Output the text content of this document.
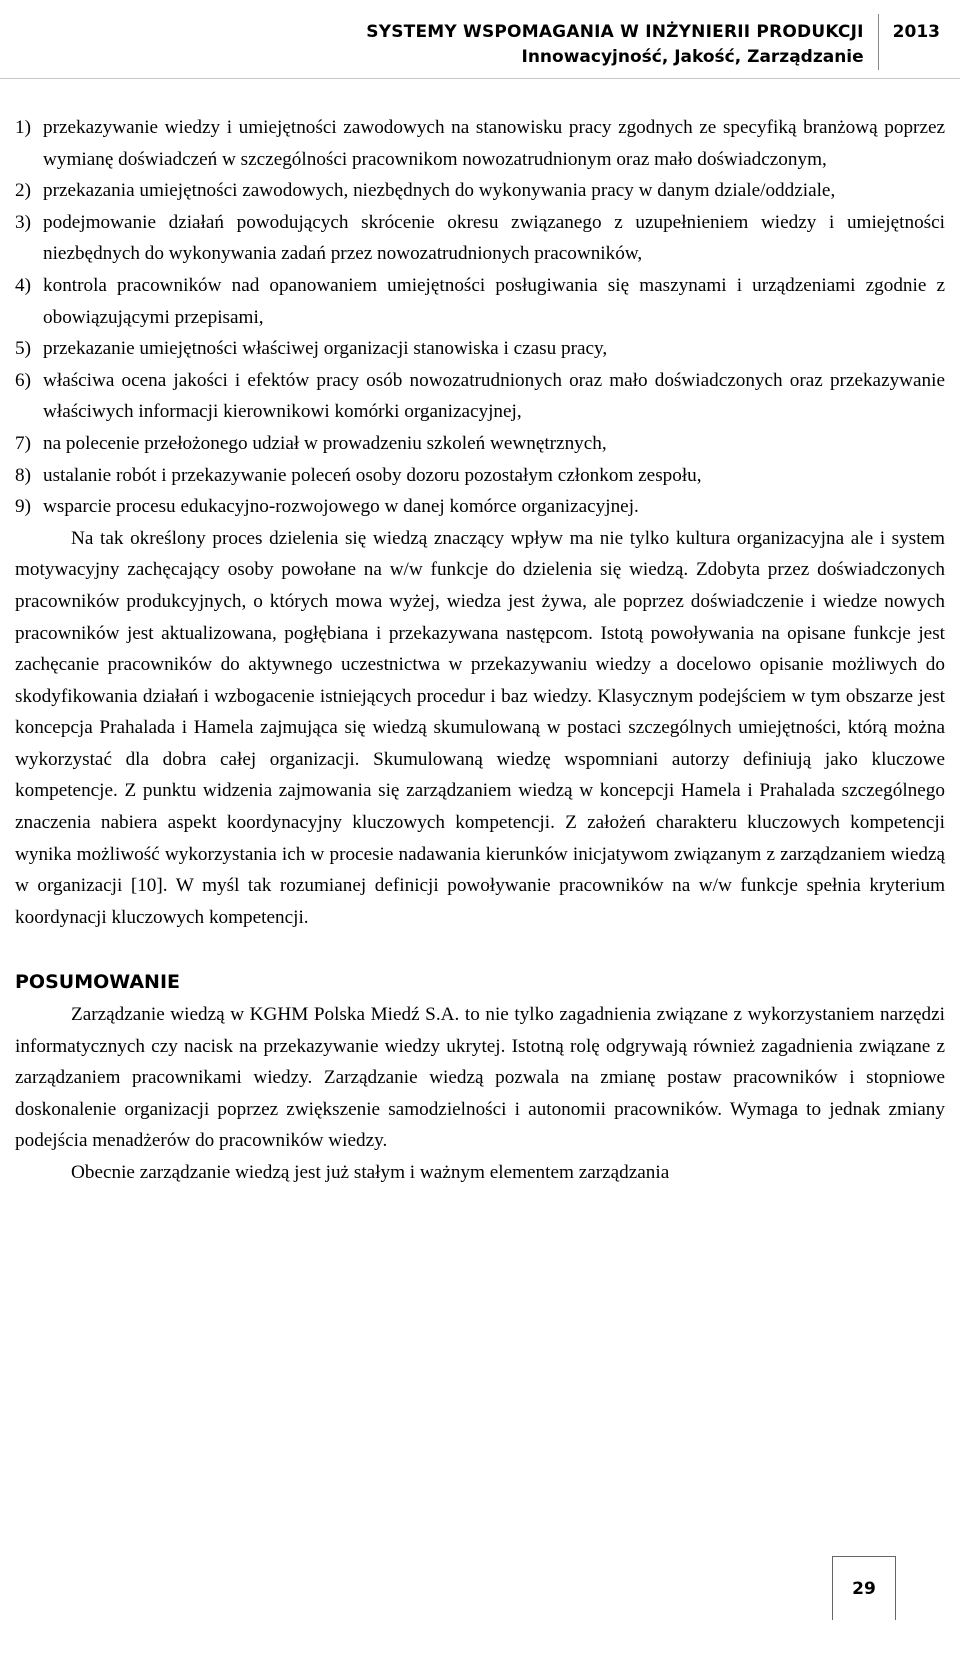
SYSTEMY WSPOMAGANIA W INŻYNIERII PRODUKCJI
Innowacyjność, Jakość, Zarządzanie
2013
1) przekazywanie wiedzy i umiejętności zawodowych na stanowisku pracy zgodnych ze specyfiką branżową poprzez wymianę doświadczeń w szczególności pracownikom nowozatrudnionym oraz mało doświadczonym,
2) przekazania umiejętności zawodowych, niezbędnych do wykonywania pracy w danym dziale/oddziale,
3) podejmowanie działań powodujących skrócenie okresu związanego z uzupełnieniem wiedzy i umiejętności niezbędnych do wykonywania zadań przez nowozatrudnionych pracowników,
4) kontrola pracowników nad opanowaniem umiejętności posługiwania się maszynami i urządzeniami zgodnie z obowiązującymi przepisami,
5) przekazanie umiejętności właściwej organizacji stanowiska i czasu pracy,
6) właściwa ocena jakości i efektów pracy osób nowozatrudnionych oraz mało doświadczonych oraz przekazywanie właściwych informacji kierownikowi komórki organizacyjnej,
7) na polecenie przełożonego udział w prowadzeniu szkoleń wewnętrznych,
8) ustalanie robót i przekazywanie poleceń osoby dozoru pozostałym członkom zespołu,
9) wsparcie procesu edukacyjno-rozwojowego w danej komórce organizacyjnej.

Na tak określony proces dzielenia się wiedzą znaczący wpływ ma nie tylko kultura organizacyjna ale i system motywacyjny zachęcający osoby powołane na w/w funkcje do dzielenia się wiedzą. Zdobyta przez doświadczonych pracowników produkcyjnych, o których mowa wyżej, wiedza jest żywa, ale poprzez doświadczenie i wiedze nowych pracowników jest aktualizowana, pogłębiana i przekazywana następcom. Istotą powoływania na opisane funkcje jest zachęcanie pracowników do aktywnego uczestnictwa w przekazywaniu wiedzy a docelowo opisanie możliwych do skodyfikowania działań i wzbogacenie istniejących procedur i baz wiedzy. Klasycznym podejściem w tym obszarze jest koncepcja Prahalada i Hamela zajmująca się wiedzą skumulowaną w postaci szczególnych umiejętności, którą można wykorzystać dla dobra całej organizacji. Skumulowaną wiedzę wspomniani autorzy definiują jako kluczowe kompetencje. Z punktu widzenia zajmowania się zarządzaniem wiedzą w koncepcji Hamela i Prahalada szczególnego znaczenia nabiera aspekt koordynacyjny kluczowych kompetencji. Z założeń charakteru kluczowych kompetencji wynika możliwość wykorzystania ich w procesie nadawania kierunków inicjatywom związanym z zarządzaniem wiedzą w organizacji [10]. W myśl tak rozumianej definicji powoływanie pracowników na w/w funkcje spełnia kryterium koordynacji kluczowych kompetencji.

POSUMOWANIE

Zarządzanie wiedzą w KGHM Polska Miedź S.A. to nie tylko zagadnienia związane z wykorzystaniem narzędzi informatycznych czy nacisk na przekazywanie wiedzy ukrytej. Istotną rolę odgrywają również zagadnienia związane z zarządzaniem pracownikami wiedzy. Zarządzanie wiedzą pozwala na zmianę postaw pracowników i stopniowe doskonalenie organizacji poprzez zwiększenie samodzielności i autonomii pracowników. Wymaga to jednak zmiany podejścia menadżerów do pracowników wiedzy.

Obecnie zarządzanie wiedzą jest już stałym i ważnym elementem zarządzania

29
